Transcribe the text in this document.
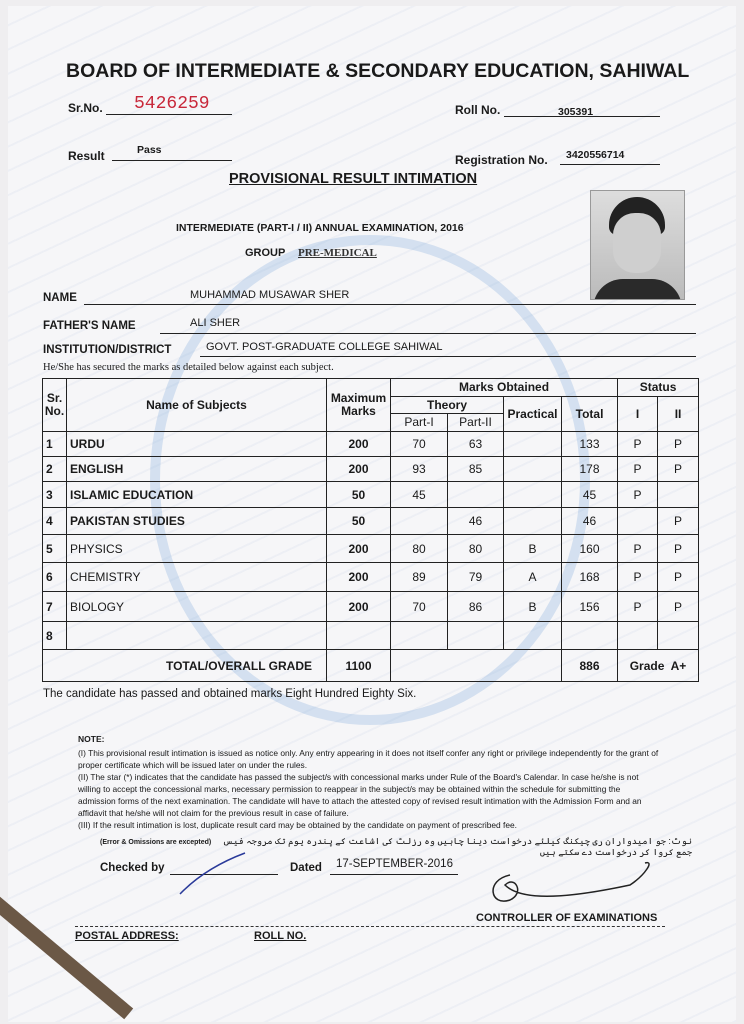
BOARD OF INTERMEDIATE & SECONDARY EDUCATION, SAHIWAL
Sr.No. 5426259	Roll No.	305391
Result	Pass
Registration No. 3420556714
PROVISIONAL RESULT INTIMATION
INTERMEDIATE (PART-I / II) ANNUAL EXAMINATION, 2016
GROUP PRE-MEDICAL
NAME	MUHAMMAD MUSAWAR SHER
FATHER'S NAME	ALI SHER
INSTITUTION/DISTRICT	GOVT. POST-GRADUATE COLLEGE SAHIWAL
He/She has secured the marks as detailed below against each subject.
Sr. No.	Name of Subjects	Maximum Marks	Marks Obtained				Status	
			Theory		Practical	Total	I	II
			Part-I	Part-II				
1	URDU	200	70	63		133	P	P
2	ENGLISH	200	93	85		178	P	P
3	ISLAMIC EDUCATION	50	45			45	P	
4	PAKISTAN STUDIES	50		46		46		P
5	PHYSICS	200	80	80	B	160	P	P
6	CHEMISTRY	200	89	79	A	168	P	P
7	BIOLOGY	200	70	86	B	156	P	P
8								
TOTAL/OVERALL GRADE		1100				886	Grade A+	
The candidate has passed and obtained marks Eight Hundred Eighty Six.

NOTE:

(I) This provisional result intimation is issued as notice only. Any entry appearing in it does not itself confer any right or privilege independently for the grant of proper certificate which will be issued later on under the rules.

(II) The star (*) indicates that the candidate has passed the subject/s with concessional marks under Rule of the Board's Calendar. In case he/she is not willing to accept the concessional marks, necessary permission to reappear in the subject/s may be obtained within the schedule for submitting the admission forms of the next examination. The candidate will have to attach the attested copy of revised result intimation with the Admission Form and an affidavit that he/she will not claim for the previous result in case of failure.

(III) If the result intimation is lost, duplicate result card may be obtained by the candidate on payment of prescribed fee.

(Error & Omissions are excepted) نوٹ: جو امیدواران ری چیکنگ کیلئے درخواست دینا چاہیں وہ رزلٹ کی اشاعت کے پندرہ یوم تک مروجہ فیس جمع کروا کر درخواست دے سکتے ہیں
Checked by	Dated 17-SEPTEMBER-2016
CONTROLLER OF EXAMINATIONS
POSTAL ADDRESS:	ROLL NO.
